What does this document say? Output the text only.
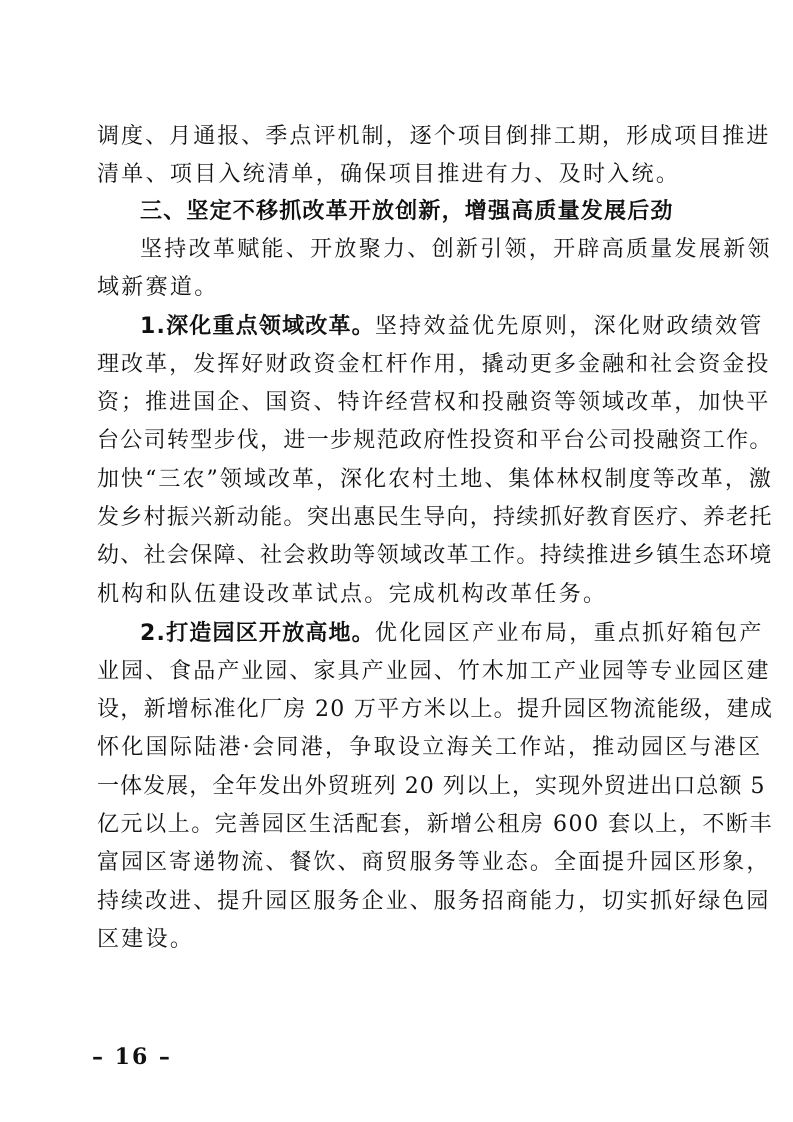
调度、月通报、季点评机制，逐个项目倒排工期，形成项目推进
清单、项目入统清单，确保项目推进有力、及时入统。
三、坚定不移抓改革开放创新，增强高质量发展后劲
坚持改革赋能、开放聚力、创新引领，开辟高质量发展新领
域新赛道。
1.深化重点领域改革。坚持效益优先原则，深化财政绩效管
理改革，发挥好财政资金杠杆作用，撬动更多金融和社会资金投
资；推进国企、国资、特许经营权和投融资等领域改革，加快平
台公司转型步伐，进一步规范政府性投资和平台公司投融资工作。
加快“三农”领域改革，深化农村土地、集体林权制度等改革，激
发乡村振兴新动能。突出惠民生导向，持续抓好教育医疗、养老托
幼、社会保障、社会救助等领域改革工作。持续推进乡镇生态环境
机构和队伍建设改革试点。完成机构改革任务。
2.打造园区开放高地。优化园区产业布局，重点抓好箱包产
业园、食品产业园、家具产业园、竹木加工产业园等专业园区建
设，新增标准化厂房 20 万平方米以上。提升园区物流能级，建成
怀化国际陆港·会同港，争取设立海关工作站，推动园区与港区
一体发展，全年发出外贸班列 20 列以上，实现外贸进出口总额 5
亿元以上。完善园区生活配套，新增公租房 600 套以上，不断丰
富园区寄递物流、餐饮、商贸服务等业态。全面提升园区形象，
持续改进、提升园区服务企业、服务招商能力，切实抓好绿色园
区建设。
– 16 –
